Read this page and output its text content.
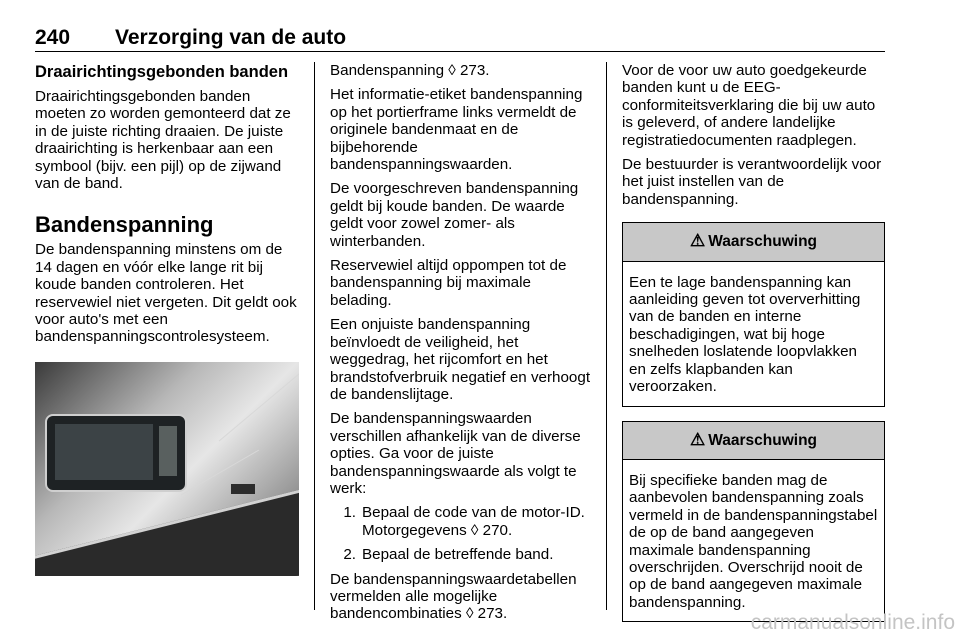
240 Verzorging van de auto
Draairichtingsgebonden banden

Draairichtingsgebonden banden moeten zo worden gemonteerd dat ze in de juiste richting draaien. De juiste draairichting is herkenbaar aan een symbool (bijv. een pijl) op de zijwand van de band.

Bandenspanning

De bandenspanning minstens om de 14 dagen en vóór elke lange rit bij koude banden controleren. Het reservewiel niet vergeten. Dit geldt ook voor auto's met een bandenspanningscontrolesysteem.

Bandenspanning ◊ 273.

Het informatie-etiket bandenspanning op het portierframe links vermeldt de originele bandenmaat en de bijbehorende bandenspanningswaarden.

De voorgeschreven bandenspanning geldt bij koude banden. De waarde geldt voor zowel zomer- als winterbanden.

Reservewiel altijd oppompen tot de bandenspanning bij maximale belading.

Een onjuiste bandenspanning beïnvloedt de veiligheid, het weggedrag, het rijcomfort en het brandstofverbruik negatief en verhoogt de bandenslijtage.

De bandenspanningswaarden verschillen afhankelijk van de diverse opties. Ga voor de juiste bandenspanningswaarde als volgt te werk:

1. Bepaal de code van de motor-ID. Motorgegevens ◊ 270.
2. Bepaal de betreffende band.

De bandenspanningswaardetabellen vermelden alle mogelijke bandencombinaties ◊ 273.

Voor de voor uw auto goedgekeurde banden kunt u de EEG-conformiteitsverklaring die bij uw auto is geleverd, of andere landelijke registratiedocumenten raadplegen.

De bestuurder is verantwoordelijk voor het juist instellen van de bandenspanning.

⚠ Waarschuwing
Een te lage bandenspanning kan aanleiding geven tot oververhitting van de banden en interne beschadigingen, wat bij hoge snelheden loslatende loopvlakken en zelfs klapbanden kan veroorzaken.
⚠ Waarschuwing
Bij specifieke banden mag de aanbevolen bandenspanning zoals vermeld in de bandenspanningstabel de op de band aangegeven maximale bandenspanning overschrijden. Overschrijd nooit de op de band aangegeven maximale bandenspanning.
carmanualsonline.info
